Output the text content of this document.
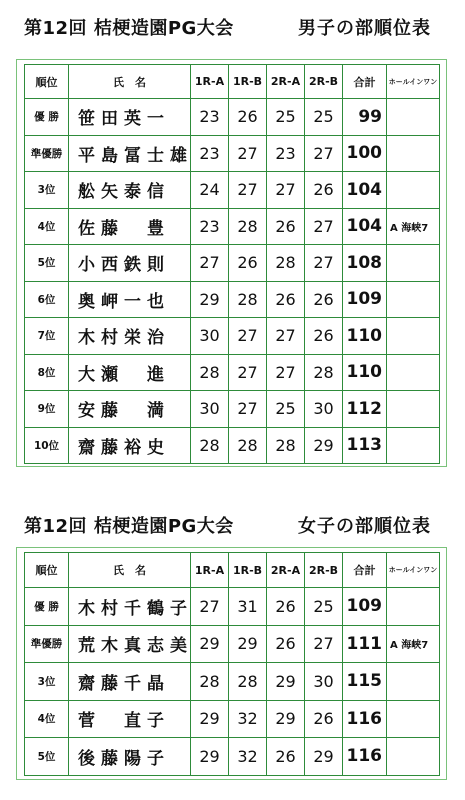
第12回 桔梗造園PG大会	男子の部順位表
順位	氏　名	1R-A	1R-B	2R-A	2R-B	合計	ホールインワン
優 勝	笹 田 英 一	23	26	25	25	99	
準優勝	平 島 冨 士 雄	23	27	23	27	100	
3位	舩 矢 泰 信	24	27	27	26	104	
4位	佐 藤　 豊	23	28	26	27	104	A 海峡7
5位	小 西 鉄 則	27	26	28	27	108	
6位	奥 岬 一 也	29	28	26	26	109	
7位	木 村 栄 治	30	27	27	26	110	
8位	大 瀬　 進	28	27	27	28	110	
9位	安 藤　 満	30	27	25	30	112	
10位	齋 藤 裕 史	28	28	28	29	113	
第12回 桔梗造園PG大会	女子の部順位表
順位	氏　名	1R-A	1R-B	2R-A	2R-B	合計	ホールインワン
優 勝	木 村 千 鶴 子	27	31	26	25	109	
準優勝	荒 木 真 志 美	29	29	26	27	111	A 海峡7
3位	齋 藤 千 晶	28	28	29	30	115	
4位	菅　 直 子	29	32	29	26	116	
5位	後 藤 陽 子	29	32	26	29	116	
